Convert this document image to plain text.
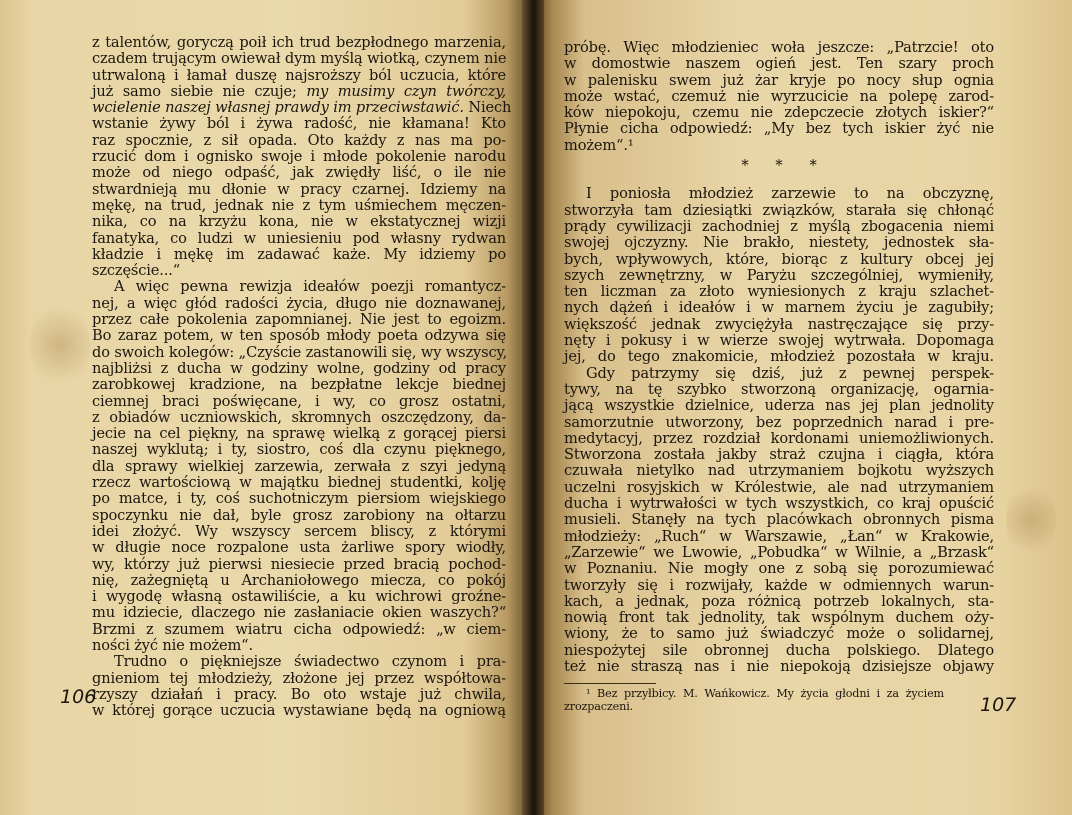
z talentów, goryczą poił ich trud bezpłodnego marzenia,
czadem trującym owiewał dym myślą wiotką, czynem nie
utrwaloną i łamał duszę najsroższy ból uczucia, które
już samo siebie nie czuje; my musimy czyn twórczy,
wcielenie naszej własnej prawdy im przeciwstawić. Niech
wstanie żywy ból i żywa radość, nie kłamana! Kto
raz spocznie, z sił opada. Oto każdy z nas ma po-
rzucić dom i ognisko swoje i młode pokolenie narodu
może od niego odpaść, jak zwiędły liść, o ile nie
stwardnieją mu dłonie w pracy czarnej. Idziemy na
mękę, na trud, jednak nie z tym uśmiechem męczen-
nika, co na krzyżu kona, nie w ekstatycznej wizji
fanatyka, co ludzi w uniesieniu pod własny rydwan
kładzie i mękę im zadawać każe. My idziemy po
szczęście...“
A więc pewna rewizja ideałów poezji romantycz-
nej, a więc głód radości życia, długo nie doznawanej,
przez całe pokolenia zapomnianej. Nie jest to egoizm.
Bo zaraz potem, w ten sposób młody poeta odzywa się
do swoich kolegów: „Czyście zastanowili się, wy wszyscy,
najbliżsi z ducha w godziny wolne, godziny od pracy
zarobkowej kradzione, na bezpłatne lekcje biednej
ciemnej braci poświęcane, i wy, co grosz ostatni,
z obiadów uczniowskich, skromnych oszczędzony, da-
jecie na cel piękny, na sprawę wielką z gorącej piersi
naszej wyklutą; i ty, siostro, coś dla czynu pięknego,
dla sprawy wielkiej zarzewia, zerwała z szyi jedyną
rzecz wartościową w majątku biednej studentki, kolję
po matce, i ty, coś suchotniczym piersiom wiejskiego
spoczynku nie dał, byle grosz zarobiony na ołtarzu
idei złożyć. Wy wszyscy sercem bliscy, z którymi
w długie noce rozpalone usta żarliwe spory wiodły,
wy, którzy już pierwsi niesiecie przed bracią pochod-
nię, zażegniętą u Archaniołowego miecza, co pokój
i wygodę własną ostawiliście, a ku wichrowi groźne-
mu idziecie, dlaczego nie zasłaniacie okien waszych?“
Brzmi z szumem wiatru cicha odpowiedź: „w ciem-
ności żyć nie możem“.
Trudno o piękniejsze świadectwo czynom i pra-
gnieniom tej młodzieży, złożone jej przez współtowa-
rzyszy działań i pracy. Bo oto wstaje już chwila,
w której gorące uczucia wystawiane będą na ogniową
106
próbę. Więc młodzieniec woła jeszcze: „Patrzcie! oto
w domostwie naszem ogień jest. Ten szary proch
w palenisku swem już żar kryje po nocy słup ognia
może wstać, czemuż nie wyrzucicie na polepę zarod-
ków niepokoju, czemu nie zdepczecie złotych iskier?“
Płynie cicha odpowiedź: „My bez tych iskier żyć nie
możem“.¹
*      *      *
I poniosła młodzież zarzewie to na obczyznę,
stworzyła tam dziesiątki związków, starała się chłonąć
prądy cywilizacji zachodniej z myślą zbogacenia niemi
swojej ojczyzny. Nie brakło, niestety, jednostek sła-
bych, wpływowych, które, biorąc z kultury obcej jej
szych zewnętrzny, w Paryżu szczególniej, wymieniły,
ten liczman za złoto wyniesionych z kraju szlachet-
nych dążeń i ideałów i w marnem życiu je zagubiły;
większość jednak zwyciężyła nastręczające się przy-
nęty i pokusy i w wierze swojej wytrwała. Dopomaga
jej, do tego znakomicie, młodzież pozostała w kraju.
Gdy patrzymy się dziś, już z pewnej perspek-
tywy, na tę szybko stworzoną organizację, ogarnia-
jącą wszystkie dzielnice, uderza nas jej plan jednolity
samorzutnie utworzony, bez poprzednich narad i pre-
medytacyj, przez rozdział kordonami uniemożliwionych.
Stworzona została jakby straż czujna i ciągła, która
czuwała nietylko nad utrzymaniem bojkotu wyższych
uczelni rosyjskich w Królestwie, ale nad utrzymaniem
ducha i wytrwałości w tych wszystkich, co kraj opuścić
musieli. Stanęły na tych placówkach obronnych pisma
młodzieży: „Ruch“ w Warszawie, „Łan“ w Krakowie,
„Zarzewie“ we Lwowie, „Pobudka“ w Wilnie, a „Brzask“
w Poznaniu. Nie mogły one z sobą się porozumiewać
tworzyły się i rozwijały, każde w odmiennych warun-
kach, a jednak, poza różnicą potrzeb lokalnych, sta-
nowią front tak jednolity, tak wspólnym duchem oży-
wiony, że to samo już świadczyć może o solidarnej,
niespożytej sile obronnej ducha polskiego. Dlatego
też nie straszą nas i nie niepokoją dzisiejsze objawy
¹ Bez przyłbicy. M. Wańkowicz. My życia głodni i za życiem
zrozpaczeni.	107
